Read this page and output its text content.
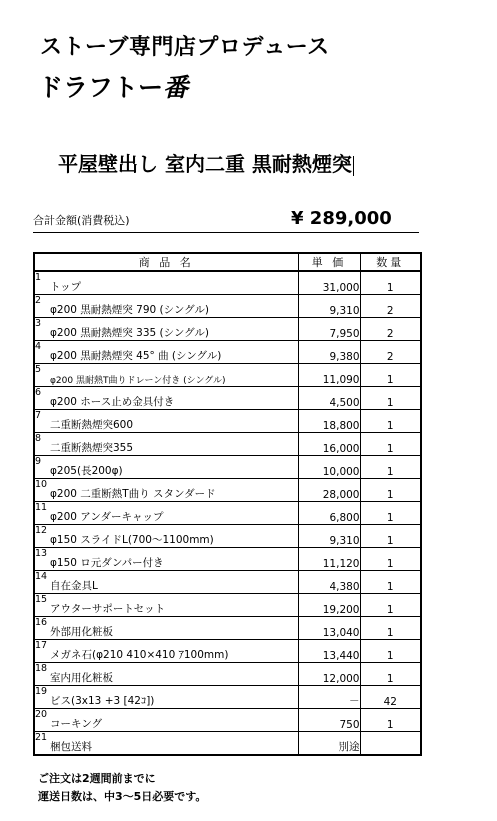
ストーブ専門店プロデュース
ドラフトー番
平屋壁出し 室内二重 黒耐熱煙突
合計金額(消費税込)	¥ 289,000
商 品 名		単 価	数量
1	トップ	31,000	1
2	φ200 黒耐熱煙突 790 (シングル)	9,310	2
3	φ200 黒耐熱煙突 335 (シングル)	7,950	2
4	φ200 黒耐熱煙突 45° 曲 (シングル)	9,380	2
5	φ200 黒耐熱T曲りドレーン付き (シングル)	11,090	1
6	φ200 ホース止め金具付き	4,500	1
7	二重断熱煙突600	18,800	1
8	二重断熱煙突355	16,000	1
9	φ205(長200φ)	10,000	1
10	φ200 二重断熱T曲り スタンダード	28,000	1
11	φ200 アンダーキャップ	6,800	1
12	φ150 スライドL(700～1100mm)	9,310	1
13	φ150 ロ元ダンパー付き	11,120	1
14	自在金具L	4,380	1
15	アウターサポートセット	19,200	1
16	外部用化粧板	13,040	1
17	メガネ石(φ210 410×410 ｱ100mm)	13,440	1
18	室内用化粧板	12,000	1
19	ビス(3x13 +3 [42ｺ])	－	42
20	コーキング	750	1
21	梱包送料	別途	
ご注文は2週間前までに
運送日数は、中3～5日必要です。
